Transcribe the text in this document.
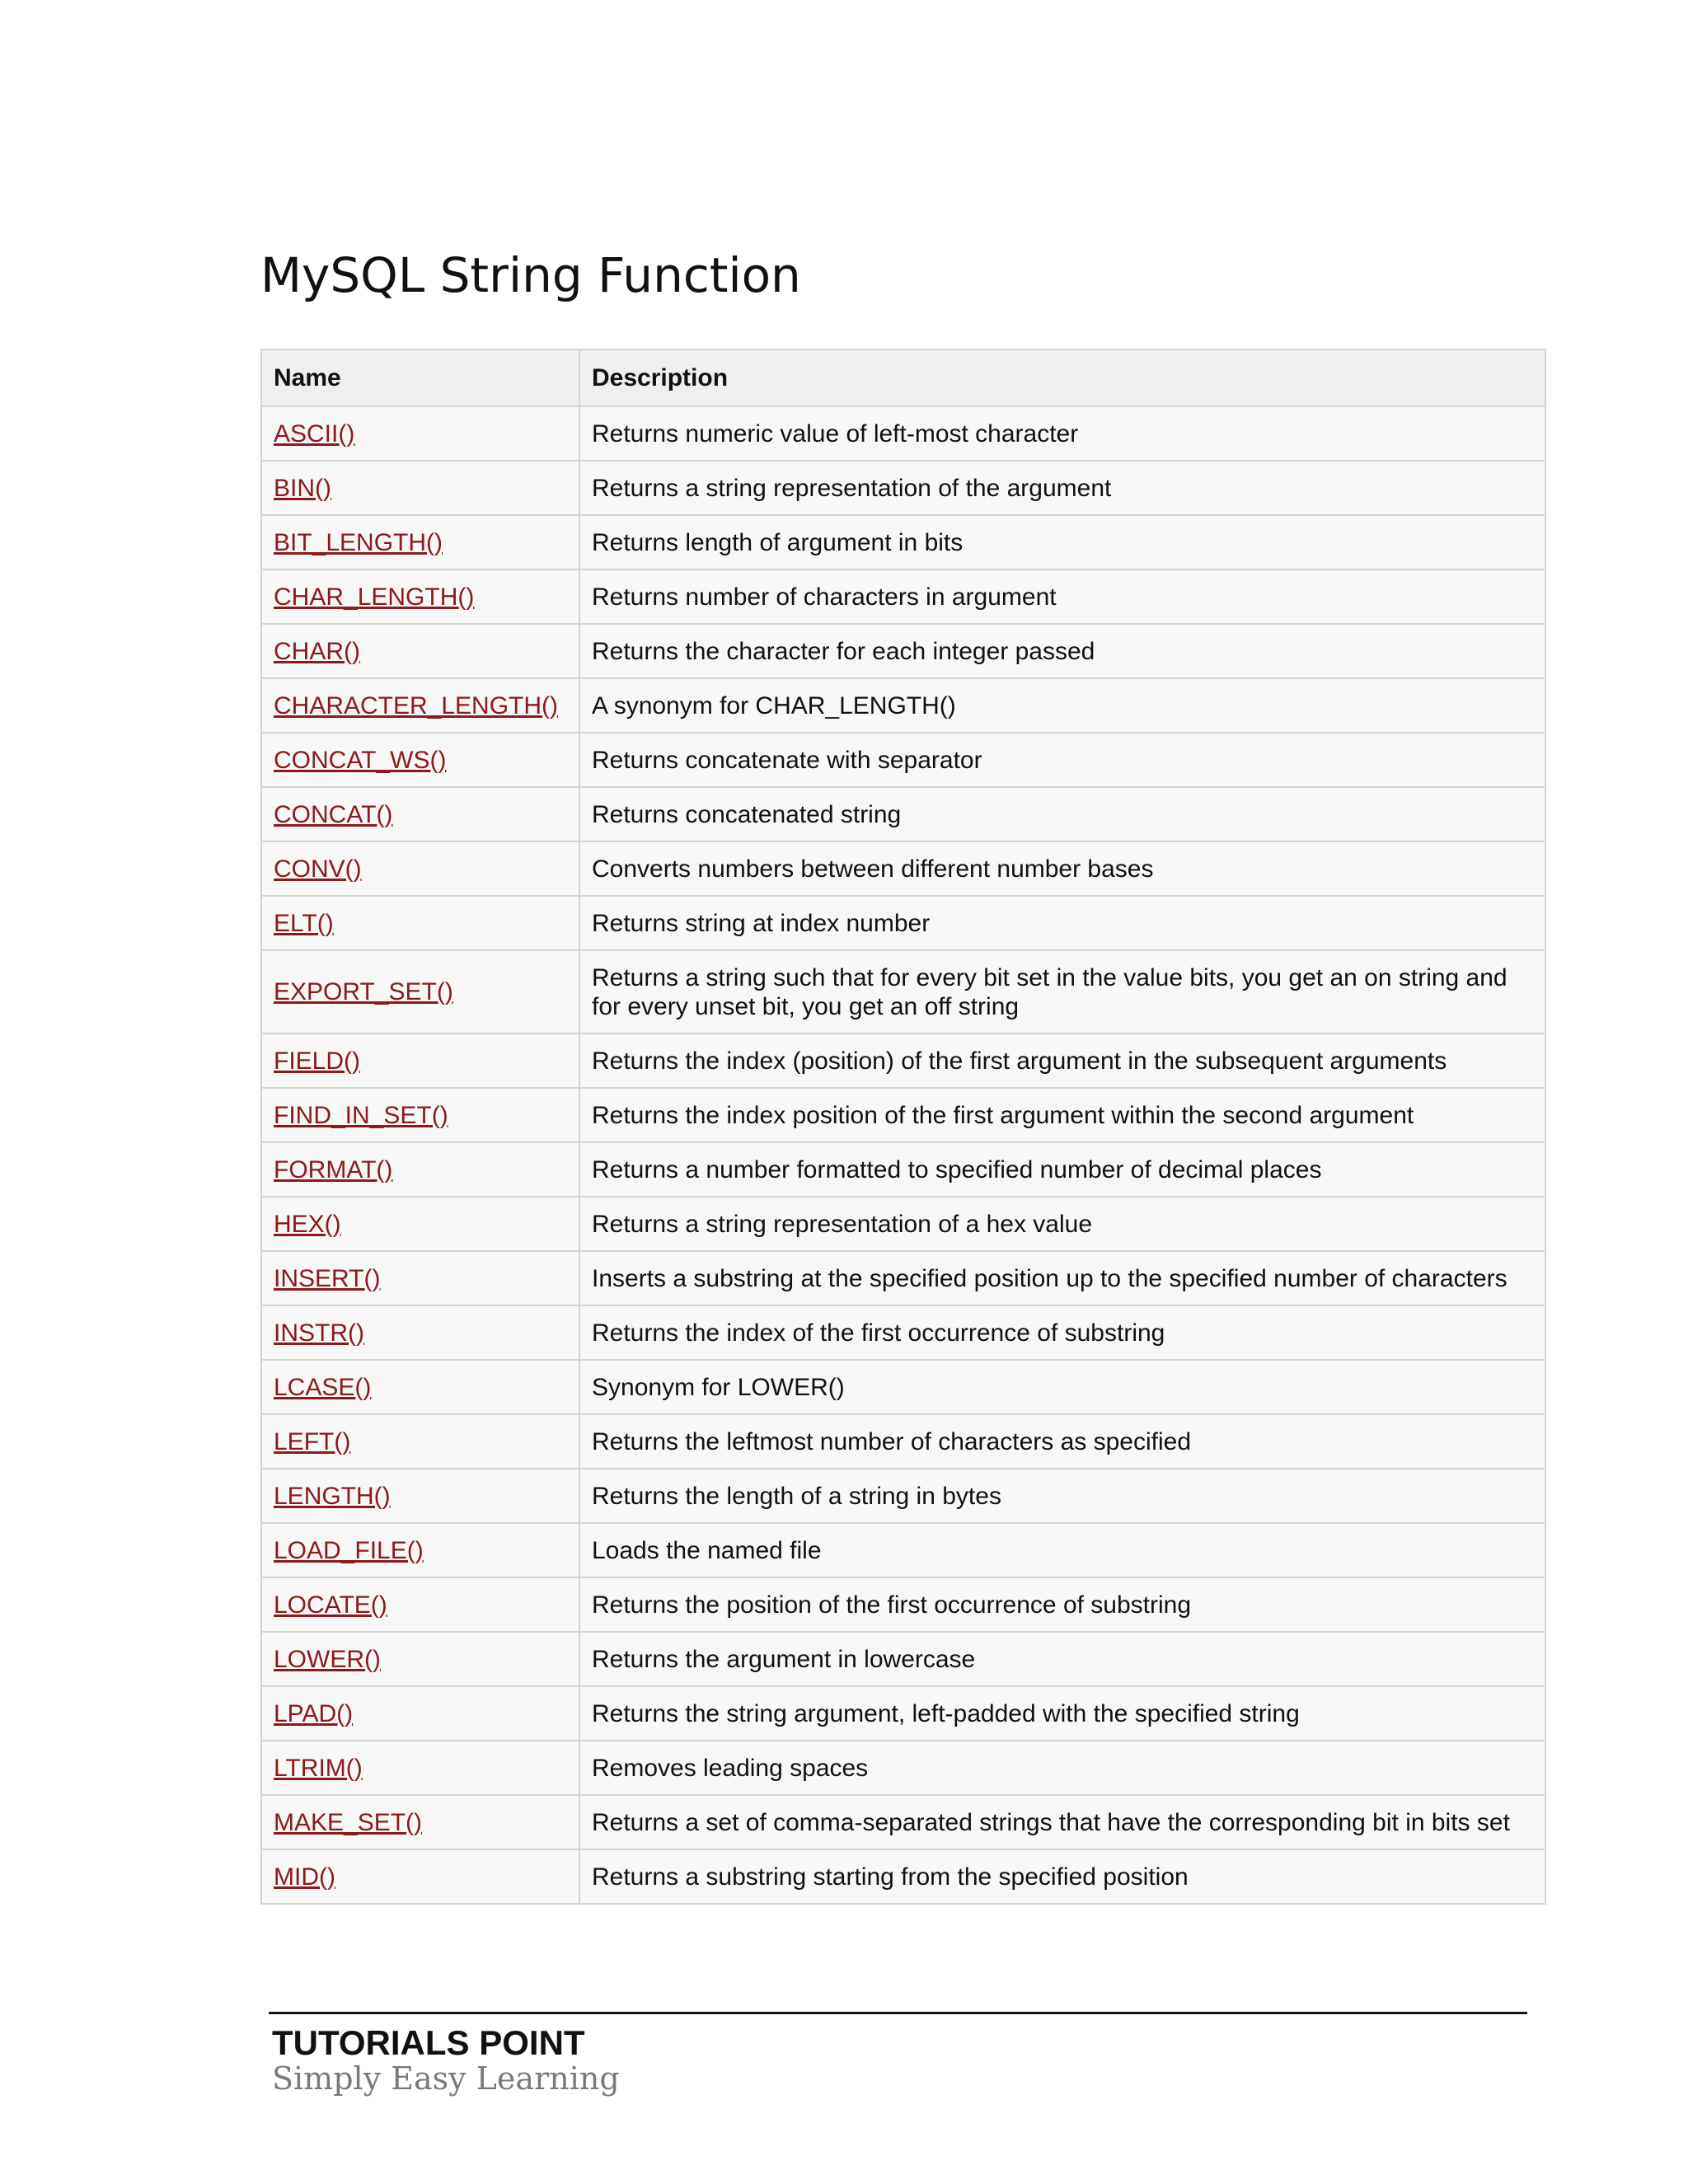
MySQL String Function
Name	Description
ASCII()	Returns numeric value of left-most character
BIN()	Returns a string representation of the argument
BIT_LENGTH()	Returns length of argument in bits
CHAR_LENGTH()	Returns number of characters in argument
CHAR()	Returns the character for each integer passed
CHARACTER_LENGTH()	A synonym for CHAR_LENGTH()
CONCAT_WS()	Returns concatenate with separator
CONCAT()	Returns concatenated string
CONV()	Converts numbers between different number bases
ELT()	Returns string at index number
EXPORT_SET()	Returns a string such that for every bit set in the value bits, you get an on string and for every unset bit, you get an off string
FIELD()	Returns the index (position) of the first argument in the subsequent arguments
FIND_IN_SET()	Returns the index position of the first argument within the second argument
FORMAT()	Returns a number formatted to specified number of decimal places
HEX()	Returns a string representation of a hex value
INSERT()	Inserts a substring at the specified position up to the specified number of characters
INSTR()	Returns the index of the first occurrence of substring
LCASE()	Synonym for LOWER()
LEFT()	Returns the leftmost number of characters as specified
LENGTH()	Returns the length of a string in bytes
LOAD_FILE()	Loads the named file
LOCATE()	Returns the position of the first occurrence of substring
LOWER()	Returns the argument in lowercase
LPAD()	Returns the string argument, left-padded with the specified string
LTRIM()	Removes leading spaces
MAKE_SET()	Returns a set of comma-separated strings that have the corresponding bit in bits set
MID()	Returns a substring starting from the specified position
TUTORIALS POINT
Simply Easy Learning
